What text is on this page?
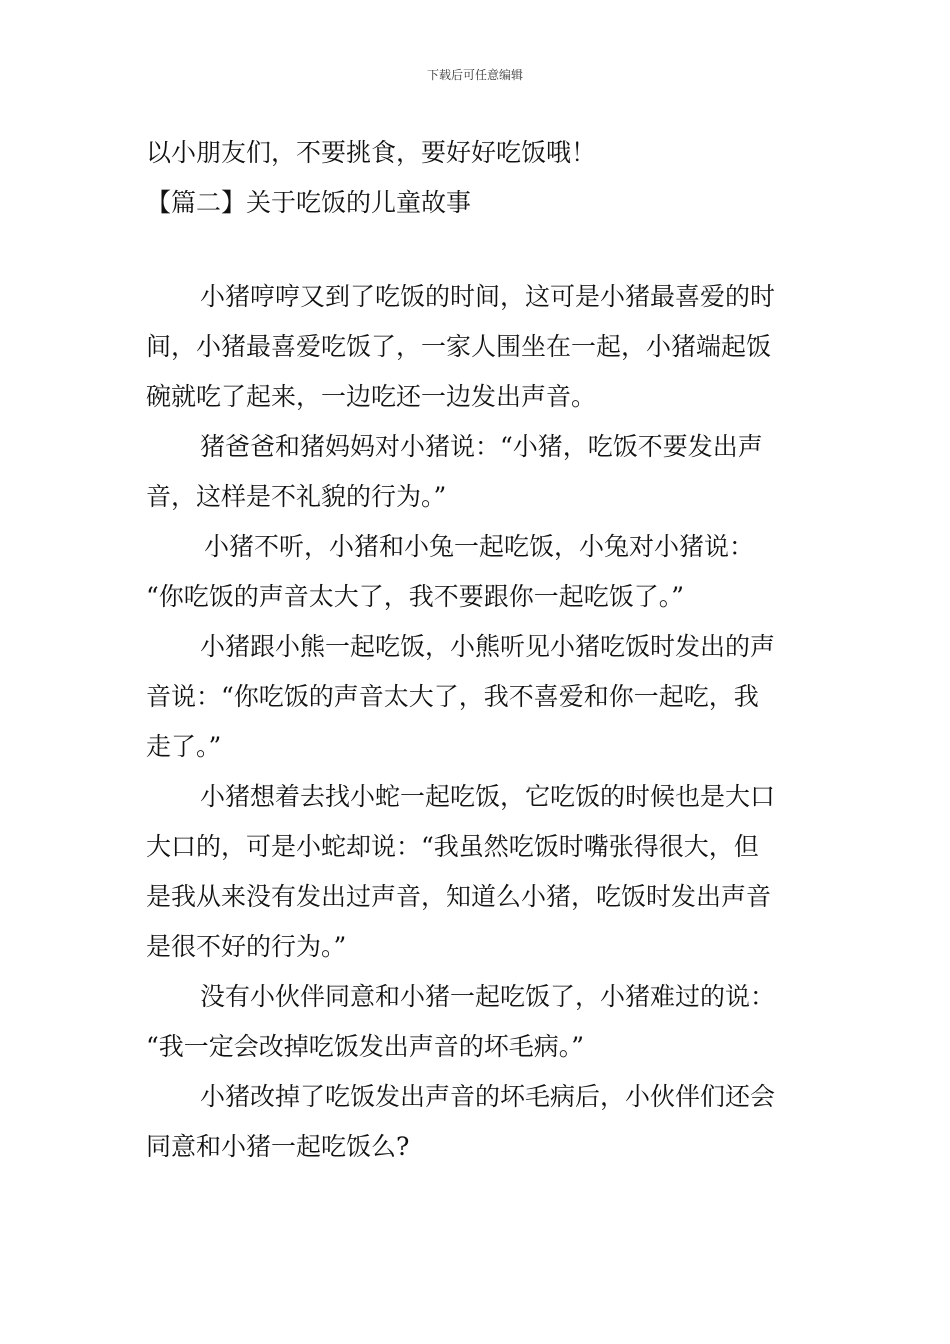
下载后可任意编辑
以小朋友们，不要挑食，要好好吃饭哦！
【篇二】关于吃饭的儿童故事
小猪哼哼又到了吃饭的时间，这可是小猪最喜爱的时
间，小猪最喜爱吃饭了，一家人围坐在一起，小猪端起饭
碗就吃了起来，一边吃还一边发出声音。
猪爸爸和猪妈妈对小猪说：“小猪，吃饭不要发出声
音，这样是不礼貌的行为。”
小猪不听，小猪和小兔一起吃饭，小兔对小猪说：
“你吃饭的声音太大了，我不要跟你一起吃饭了。”
小猪跟小熊一起吃饭，小熊听见小猪吃饭时发出的声
音说：“你吃饭的声音太大了，我不喜爱和你一起吃，我
走了。”
小猪想着去找小蛇一起吃饭，它吃饭的时候也是大口
大口的，可是小蛇却说：“我虽然吃饭时嘴张得很大，但
是我从来没有发出过声音，知道么小猪，吃饭时发出声音
是很不好的行为。”
没有小伙伴同意和小猪一起吃饭了，小猪难过的说：
“我一定会改掉吃饭发出声音的坏毛病。”
小猪改掉了吃饭发出声音的坏毛病后，小伙伴们还会
同意和小猪一起吃饭么?
